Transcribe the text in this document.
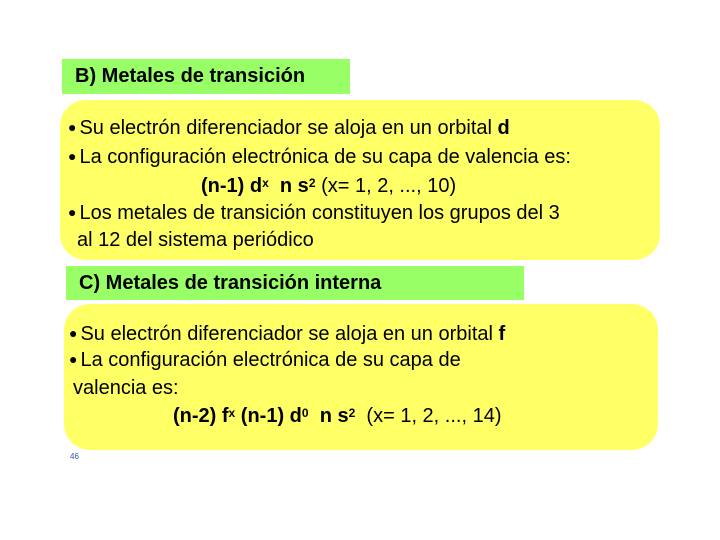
B) Metales de transición
● Su electrón diferenciador se aloja en un orbital d
● La configuración electrónica de su capa de valencia es:
(n-1) $d^x$ n $s^2$ (x= 1, 2, ..., 10)
● Los metales de transición constituyen los grupos del 3
al 12 del sistema periódico
C) Metales de transición interna
● Su electrón diferenciador se aloja en un orbital f
● La configuración electrónica de su capa de
valencia es:
(n-2) $f^x$ (n-1) $d^0$ n $s^2$ (x= 1, 2, ..., 14)
46
